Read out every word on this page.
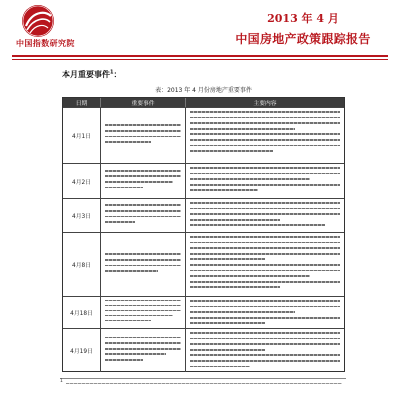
中国指数研究院
2013 年 4 月
中国房地产政策跟踪报告
本月重要事件$^1$：
表：2013 年 4 月份房地产重要事件
日期	重要事件	主要内容
4月1日
4月2日
4月3日
4月8日
4月18日
4月19日
1
